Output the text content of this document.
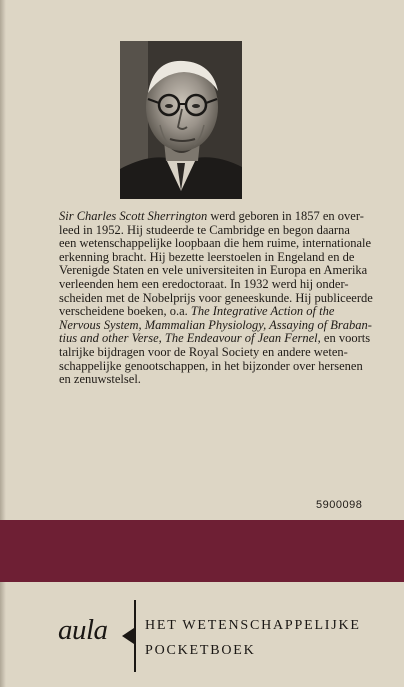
Sir Charles Scott Sherrington werd geboren in 1857 en over-
leed in 1952. Hij studeerde te Cambridge en begon daarna
een wetenschappelijke loopbaan die hem ruime, internationale
erkenning bracht. Hij bezette leerstoelen in Engeland en de
Verenigde Staten en vele universiteiten in Europa en Amerika
verleenden hem een eredoctoraat. In 1932 werd hij onder-
scheiden met de Nobelprijs voor geneeskunde. Hij publiceerde
verscheidene boeken, o.a. The Integrative Action of the
Nervous System, Mammalian Physiology, Assaying of Braban-
tius and other Verse, The Endeavour of Jean Fernel, en voorts
talrijke bijdragen voor de Royal Society en andere weten-
schappelijke genootschappen, in het bijzonder over hersenen
en zenuwstelsel.
5900098
aula	HET WETENSCHAPPELIJKE
POCKETBOEK
